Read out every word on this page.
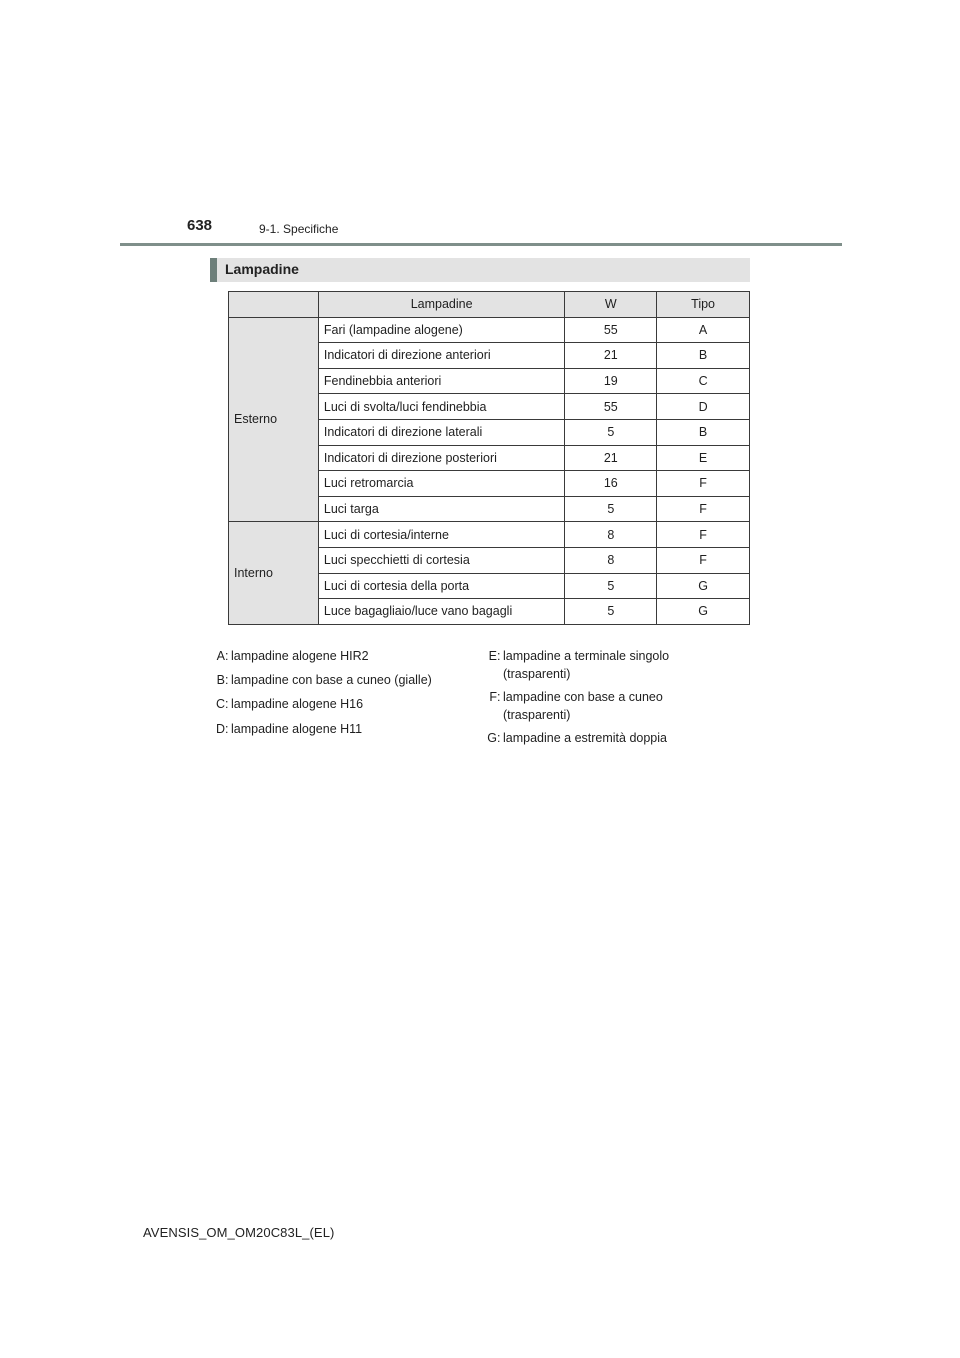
638	9-1. Specifiche
Lampadine
	Lampadine	W	Tipo
Esterno	Fari (lampadine alogene)	55	A
	Indicatori di direzione anteriori	21	B
	Fendinebbia anteriori	19	C
	Luci di svolta/luci fendinebbia	55	D
	Indicatori di direzione laterali	5	B
	Indicatori di direzione posteriori	21	E
	Luci retromarcia	16	F
	Luci targa	5	F
Interno	Luci di cortesia/interne	8	F
	Luci specchietti di cortesia	8	F
	Luci di cortesia della porta	5	G
	Luce bagagliaio/luce vano bagagli	5	G
A : lampadine alogene HIR2
B : lampadine con base a cuneo (gialle)
C : lampadine alogene H16
D : lampadine alogene H11
E : lampadine a terminale singolo
(trasparenti)
F : lampadine con base a cuneo
(trasparenti)
G : lampadine a estremità doppia
AVENSIS_OM_OM20C83L_(EL)
